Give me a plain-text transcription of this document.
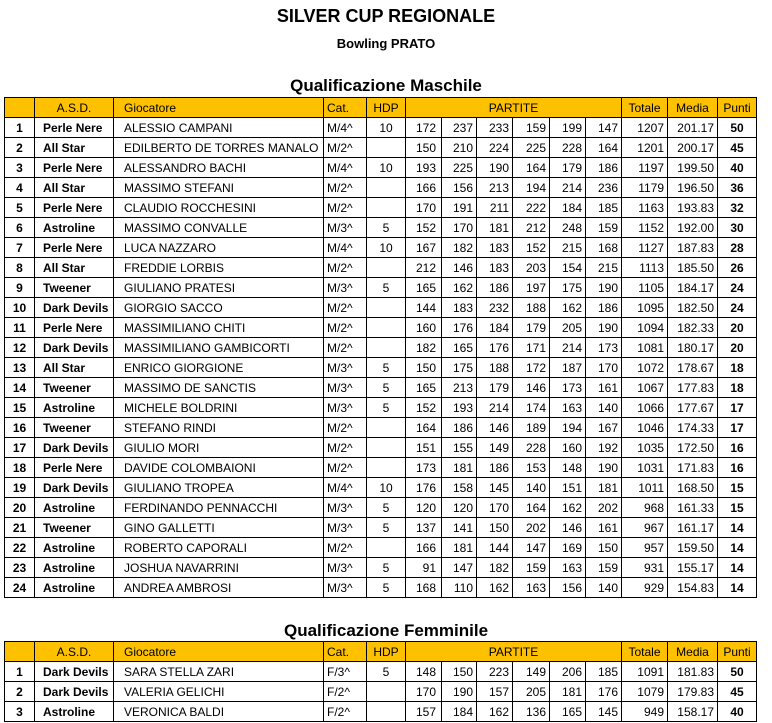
SILVER CUP REGIONALE
Bowling PRATO
Qualificazione Maschile
	A.S.D.	Giocatore	Cat.	HDP	PARTITE						Totale	Media	Punti
1	Perle Nere	ALESSIO CAMPANI	M/4^	10	172	237	233	159	199	147	1207	201.17	50
2	All Star	EDILBERTO DE TORRES MANALO	M/2^		150	210	224	225	228	164	1201	200.17	45
3	Perle Nere	ALESSANDRO BACHI	M/4^	10	193	225	190	164	179	186	1197	199.50	40
4	All Star	MASSIMO STEFANI	M/2^		166	156	213	194	214	236	1179	196.50	36
5	Perle Nere	CLAUDIO ROCCHESINI	M/2^		170	191	211	222	184	185	1163	193.83	32
6	Astroline	MASSIMO CONVALLE	M/3^	5	152	170	181	212	248	159	1152	192.00	30
7	Perle Nere	LUCA NAZZARO	M/4^	10	167	182	183	152	215	168	1127	187.83	28
8	All Star	FREDDIE LORBIS	M/2^		212	146	183	203	154	215	1113	185.50	26
9	Tweener	GIULIANO PRATESI	M/3^	5	165	162	186	197	175	190	1105	184.17	24
10	Dark Devils	GIORGIO SACCO	M/2^		144	183	232	188	162	186	1095	182.50	24
11	Perle Nere	MASSIMILIANO CHITI	M/2^		160	176	184	179	205	190	1094	182.33	20
12	Dark Devils	MASSIMILIANO GAMBICORTI	M/2^		182	165	176	171	214	173	1081	180.17	20
13	All Star	ENRICO GIORGIONE	M/3^	5	150	175	188	172	187	170	1072	178.67	18
14	Tweener	MASSIMO DE SANCTIS	M/3^	5	165	213	179	146	173	161	1067	177.83	18
15	Astroline	MICHELE BOLDRINI	M/3^	5	152	193	214	174	163	140	1066	177.67	17
16	Tweener	STEFANO RINDI	M/2^		164	186	146	189	194	167	1046	174.33	17
17	Dark Devils	GIULIO MORI	M/2^		151	155	149	228	160	192	1035	172.50	16
18	Perle Nere	DAVIDE COLOMBAIONI	M/2^		173	181	186	153	148	190	1031	171.83	16
19	Dark Devils	GIULIANO TROPEA	M/4^	10	176	158	145	140	151	181	1011	168.50	15
20	Astroline	FERDINANDO PENNACCHI	M/3^	5	120	120	170	164	162	202	968	161.33	15
21	Tweener	GINO GALLETTI	M/3^	5	137	141	150	202	146	161	967	161.17	14
22	Astroline	ROBERTO CAPORALI	M/2^		166	181	144	147	169	150	957	159.50	14
23	Astroline	JOSHUA NAVARRINI	M/3^	5	91	147	182	159	163	159	931	155.17	14
24	Astroline	ANDREA AMBROSI	M/3^	5	168	110	162	163	156	140	929	154.83	14
Qualificazione Femminile
	A.S.D.	Giocatore	Cat.	HDP	PARTITE						Totale	Media	Punti
1	Dark Devils	SARA STELLA ZARI	F/3^	5	148	150	223	149	206	185	1091	181.83	50
2	Dark Devils	VALERIA GELICHI	F/2^		170	190	157	205	181	176	1079	179.83	45
3	Astroline	VERONICA BALDI	F/2^		157	184	162	136	165	145	949	158.17	40
